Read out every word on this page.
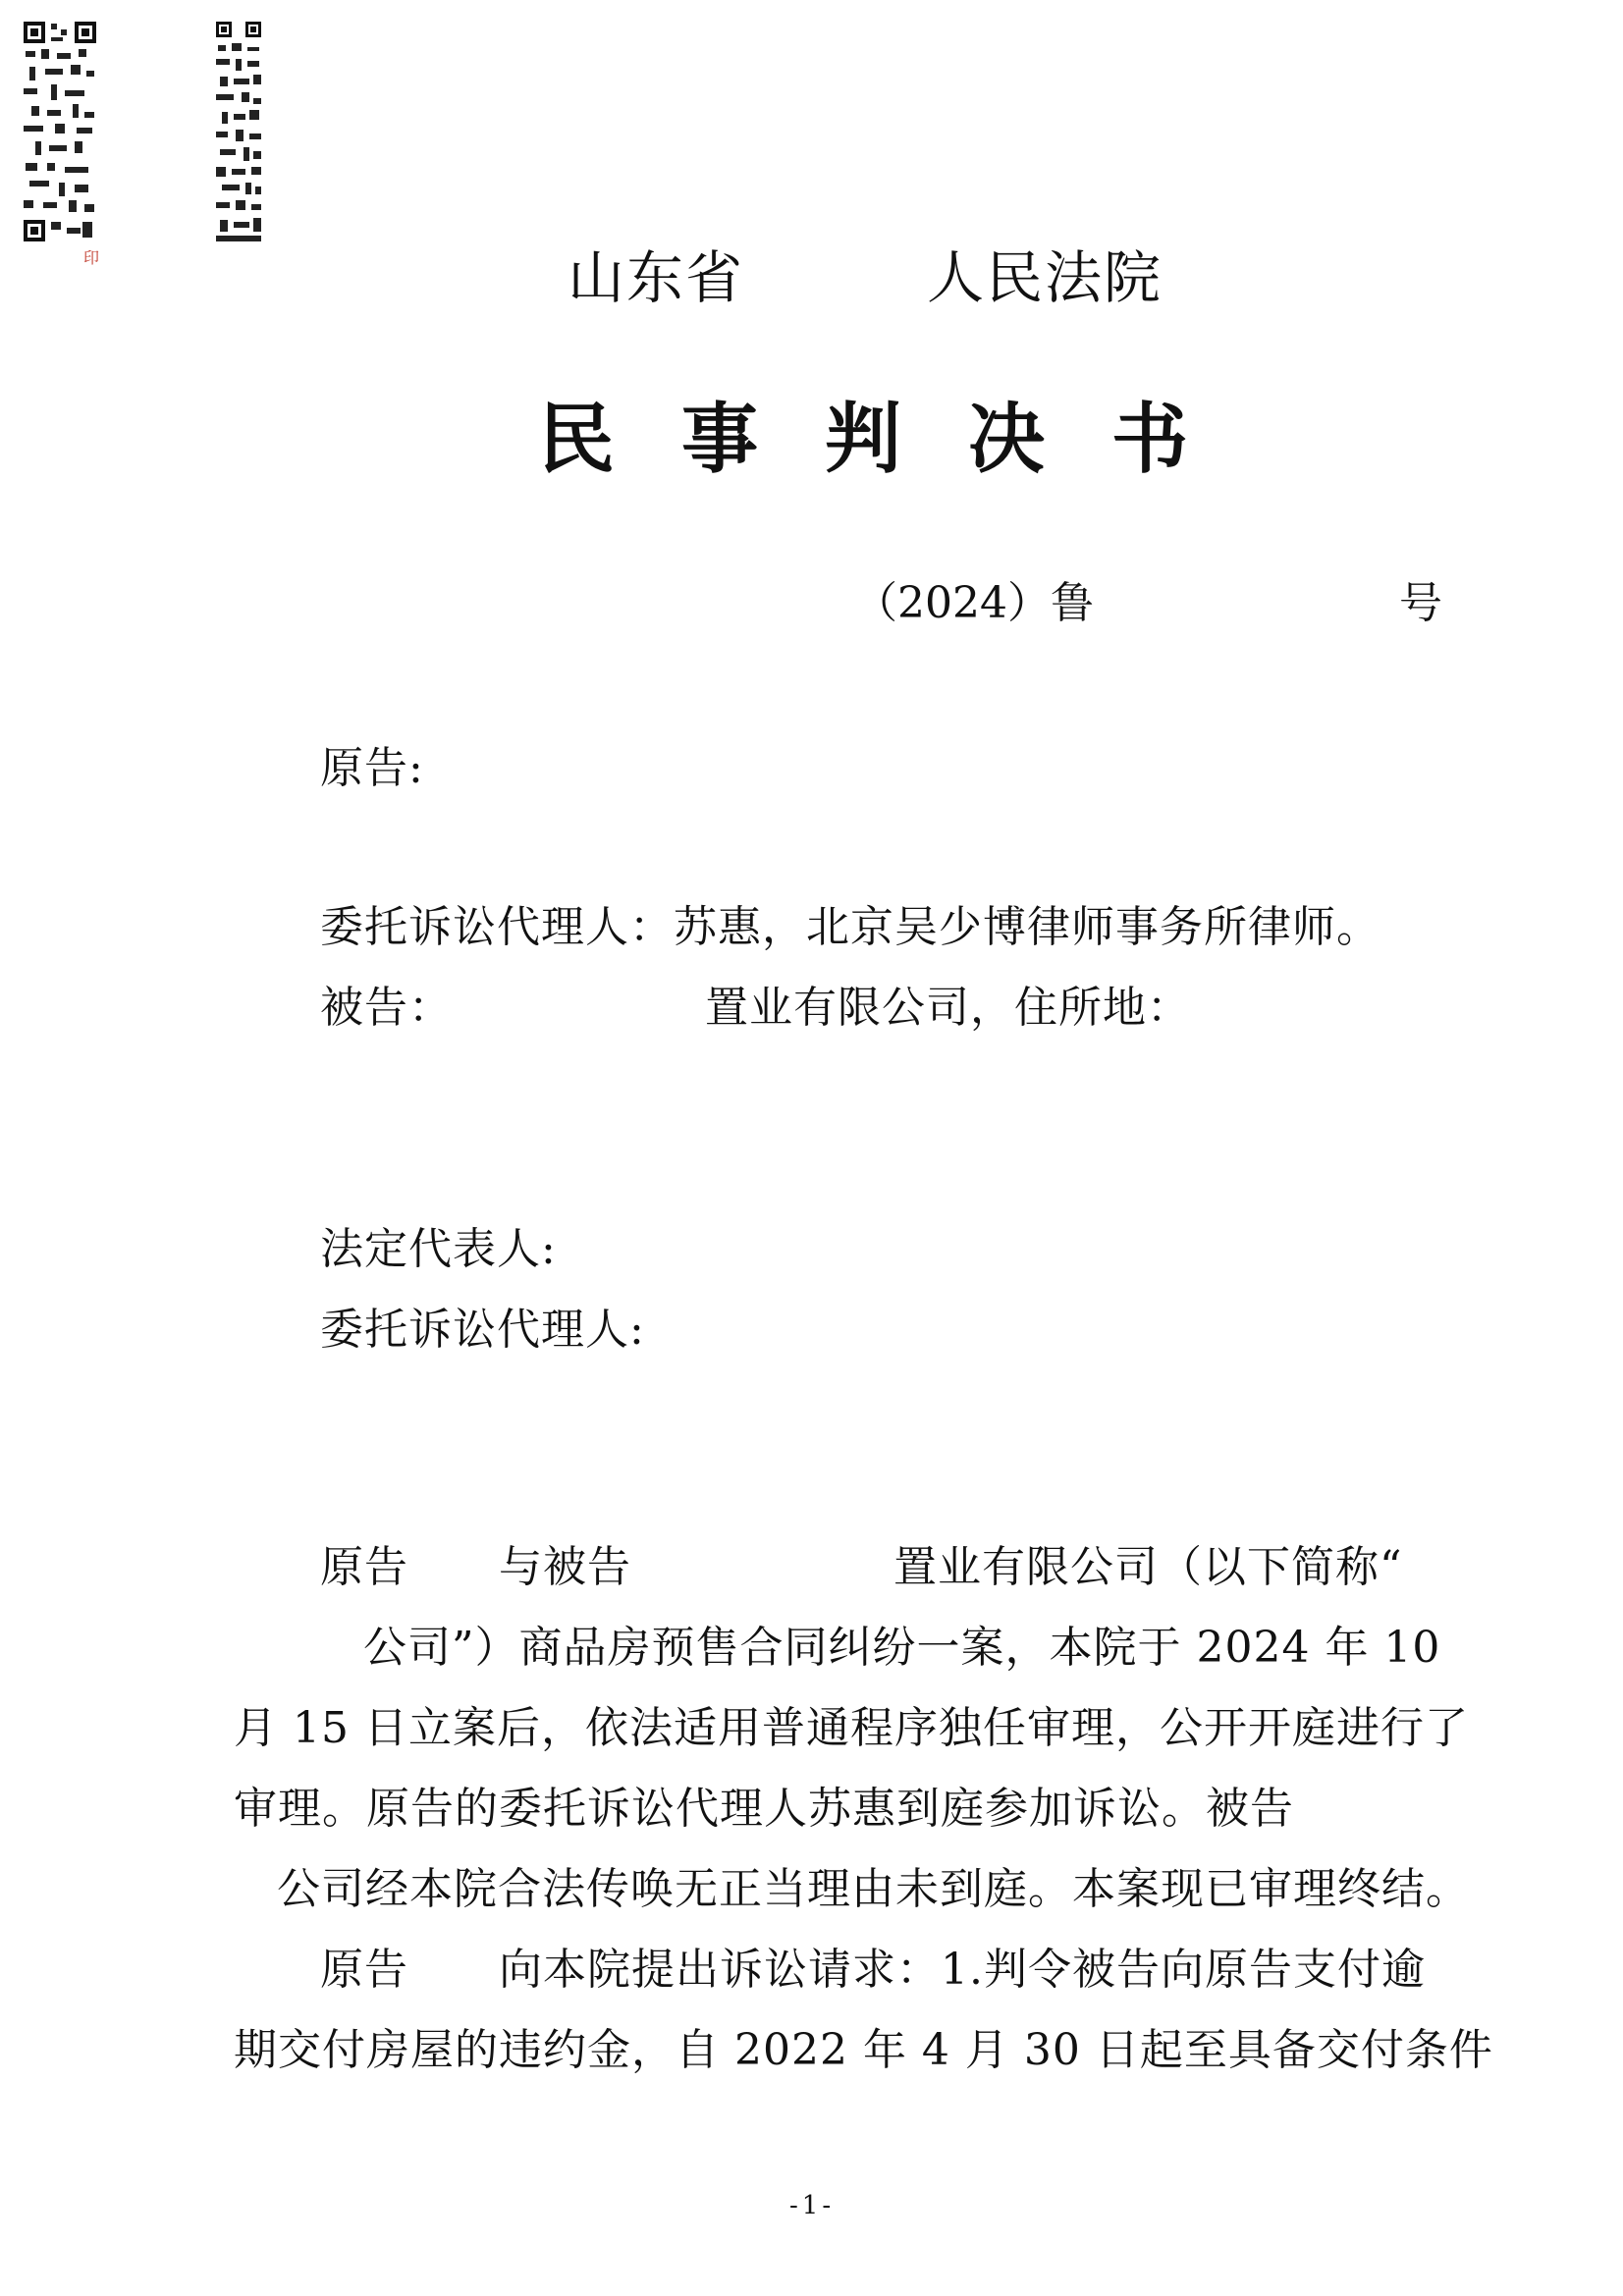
印	山东省	人民法院
民事判决书
（2024）鲁	号
原告:
委托诉讼代理人：苏惠，北京吴少博律师事务所律师。
被告：	置业有限公司，住所地：
法定代表人:
委托诉讼代理人:
原告 与被告	置业有限公司（以下简称“
公司”）商品房预售合同纠纷一案，本院于 2024 年 10
月 15 日立案后，依法适用普通程序独任审理，公开开庭进行了
审理。原告的委托诉讼代理人苏惠到庭参加诉讼。被告
公司经本院合法传唤无正当理由未到庭。本案现已审理终结。
原告 向本院提出诉讼请求：1.判令被告向原告支付逾
期交付房屋的违约金，自 2022 年 4 月 30 日起至具备交付条件
-1-
